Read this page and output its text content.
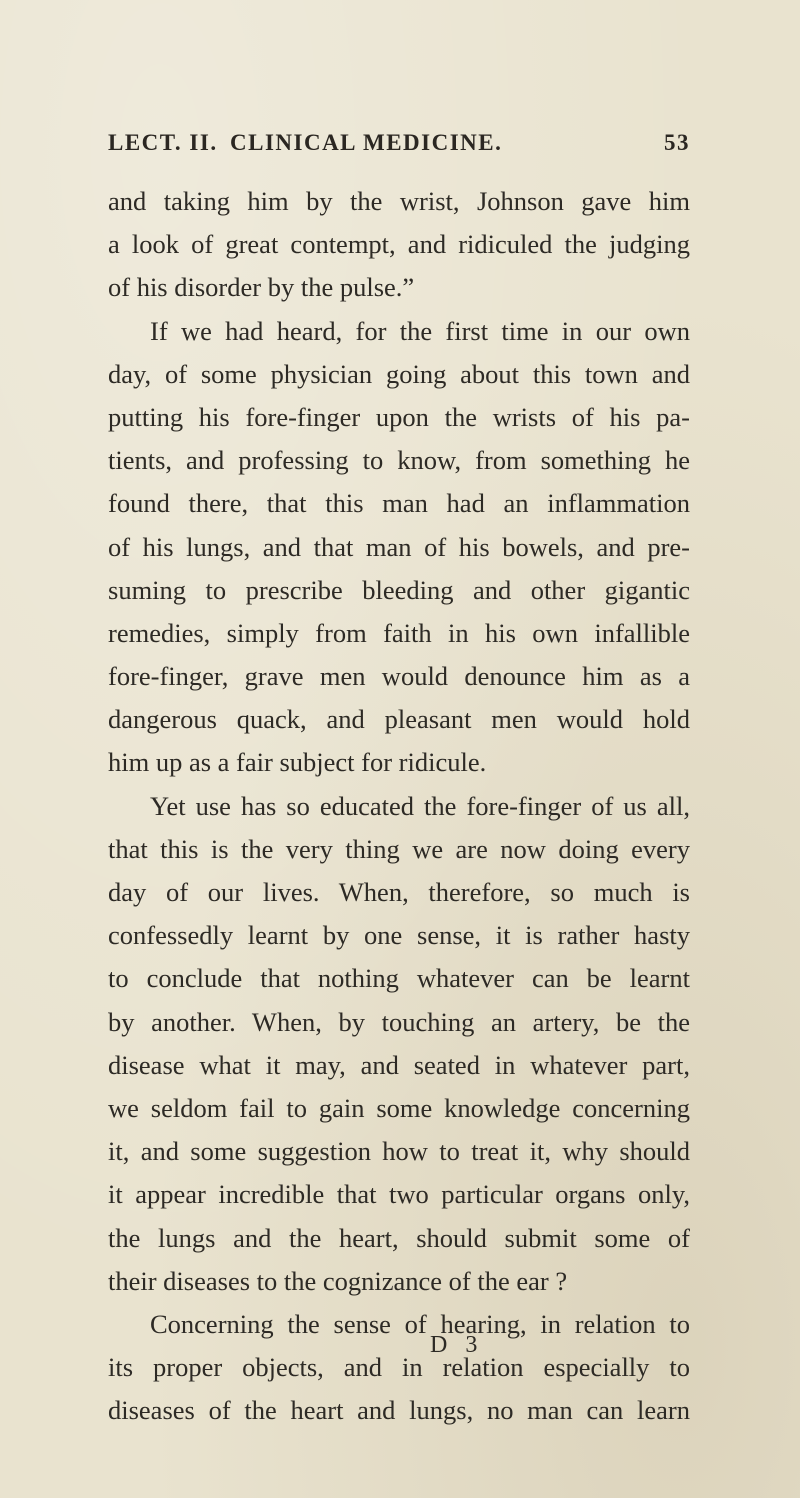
LECT. II. CLINICAL MEDICINE.	53
and taking him by the wrist, Johnson gave him
a look of great contempt, and ridiculed the judging
of his disorder by the pulse.”
If we had heard, for the first time in our own
day, of some physician going about this town and
putting his fore-finger upon the wrists of his pa-
tients, and professing to know, from something he
found there, that this man had an inflammation
of his lungs, and that man of his bowels, and pre-
suming to prescribe bleeding and other gigantic
remedies, simply from faith in his own infallible
fore-finger, grave men would denounce him as a
dangerous quack, and pleasant men would hold
him up as a fair subject for ridicule.
Yet use has so educated the fore-finger of us all,
that this is the very thing we are now doing every
day of our lives. When, therefore, so much is
confessedly learnt by one sense, it is rather hasty
to conclude that nothing whatever can be learnt
by another. When, by touching an artery, be the
disease what it may, and seated in whatever part,
we seldom fail to gain some knowledge concerning
it, and some suggestion how to treat it, why should
it appear incredible that two particular organs only,
the lungs and the heart, should submit some of
their diseases to the cognizance of the ear ?
Concerning the sense of hearing, in relation to
its proper objects, and in relation especially to
diseases of the heart and lungs, no man can learn
D 3
